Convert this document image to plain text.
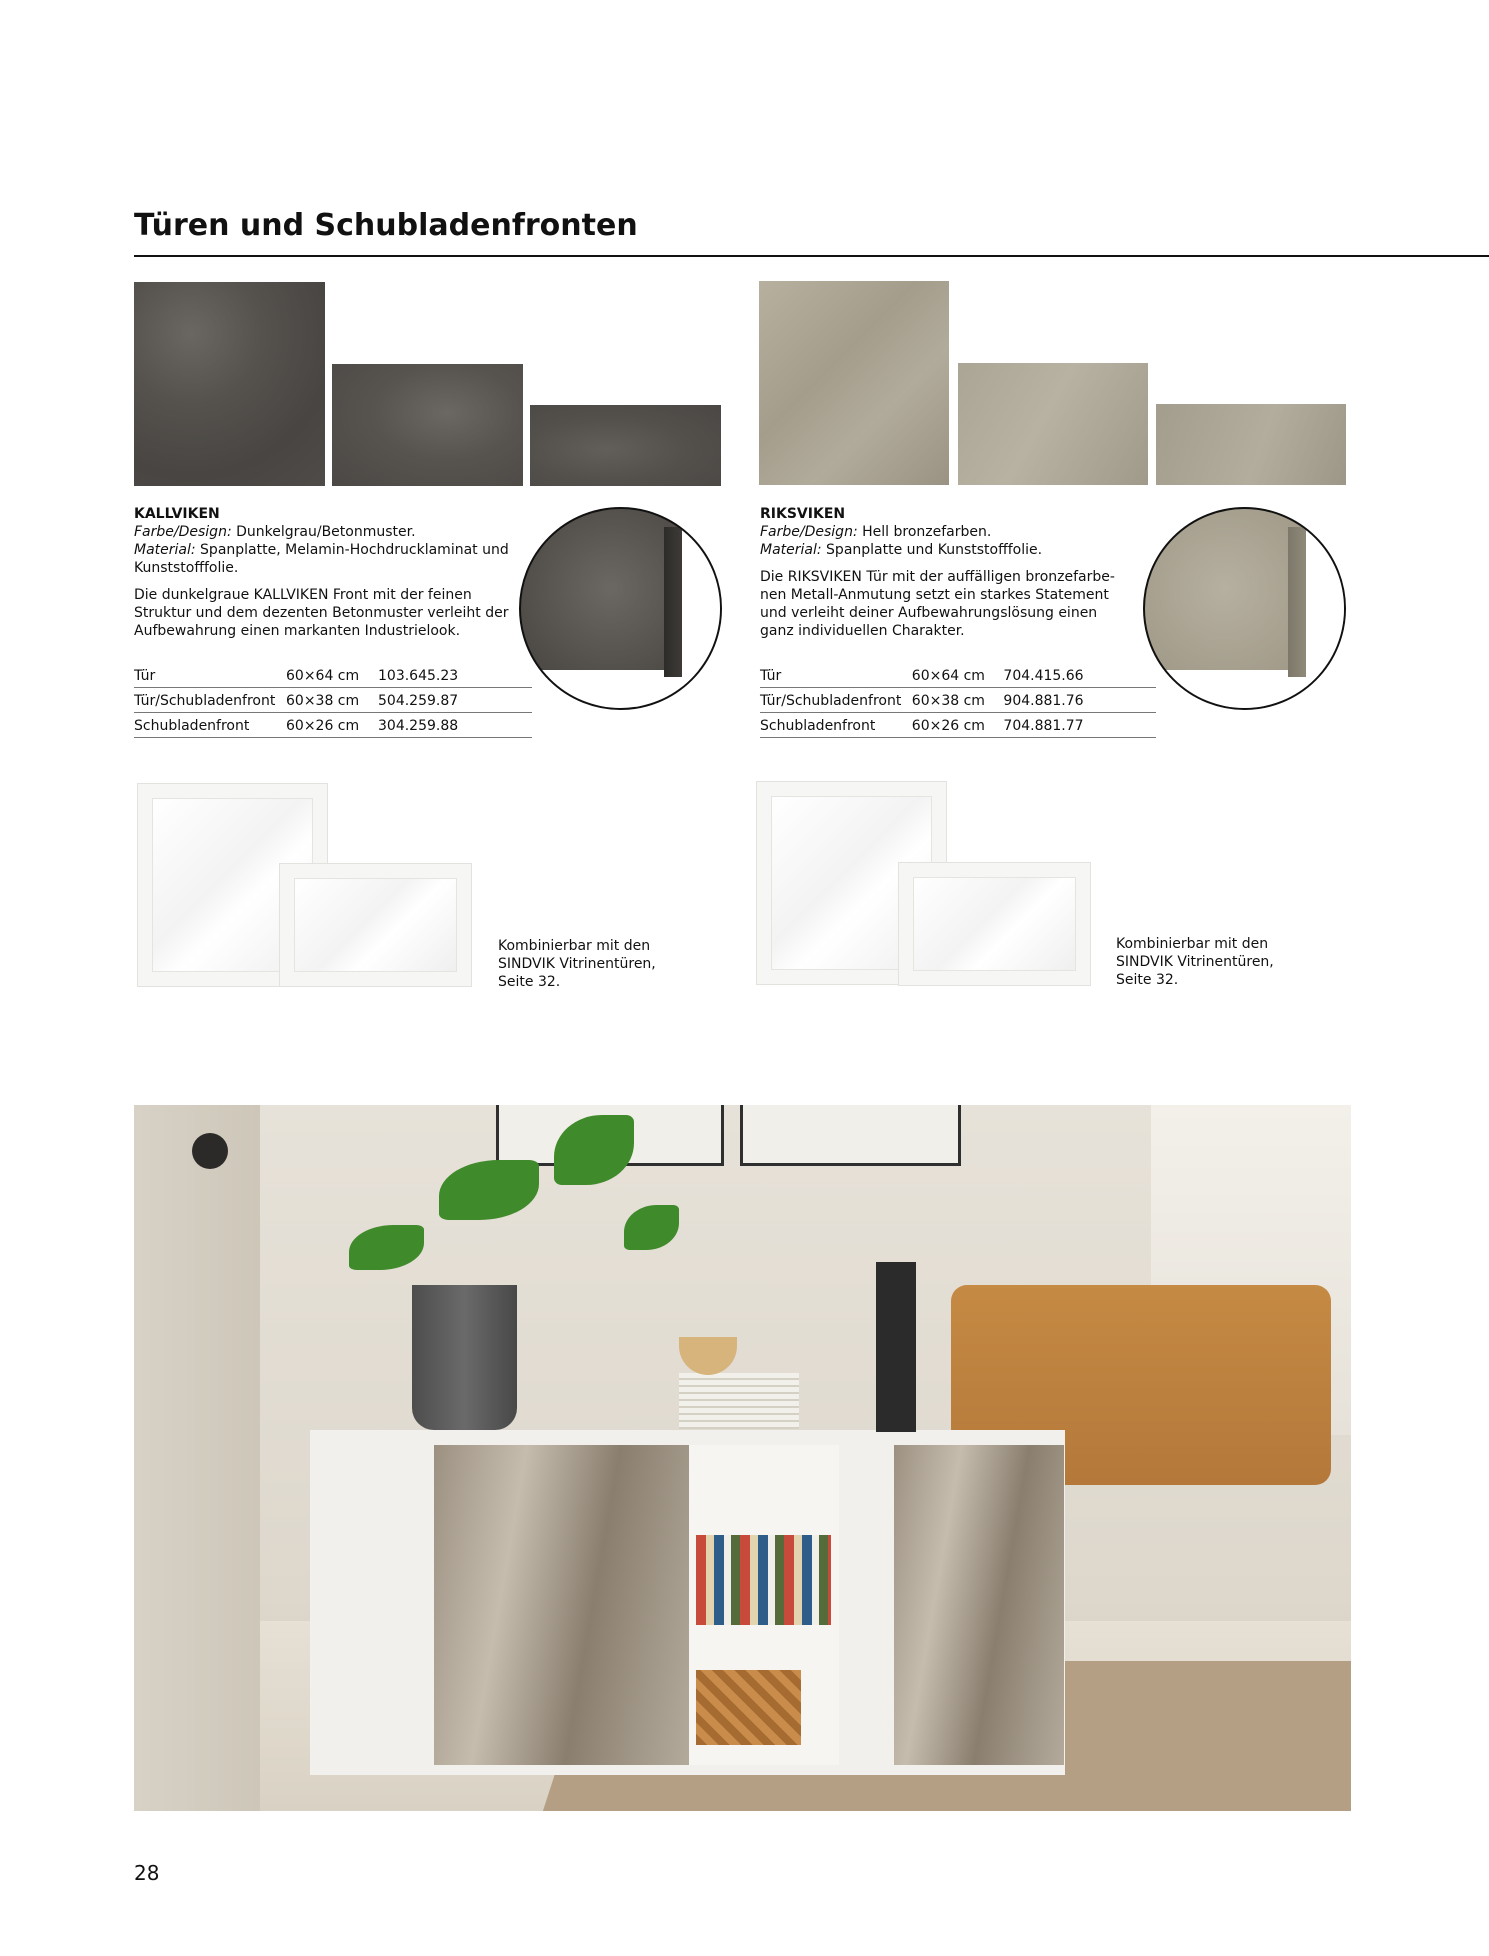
Türen und Schubladenfronten
KALLVIKEN
Farbe/Design: Dunkelgrau/Betonmuster.
Material: Spanplatte, Melamin-Hochdrucklaminat und
Kunststofffolie.
Die dunkelgraue KALLVIKEN Front mit der feinen
Struktur und dem dezenten Betonmuster verleiht der
Aufbewahrung einen markanten Industrielook.
Tür	60×64 cm	103.645.23
Tür/Schubladenfront	60×38 cm	504.259.87
Schubladenfront	60×26 cm	304.259.88
RIKSVIKEN
Farbe/Design: Hell bronzefarben.
Material: Spanplatte und Kunststofffolie.
Die RIKSVIKEN Tür mit der auffälligen bronzefarbe-
nen Metall-Anmutung setzt ein starkes Statement
und verleiht deiner Aufbewahrungslösung einen
ganz individuellen Charakter.
Tür	60×64 cm	704.415.66
Tür/Schubladenfront	60×38 cm	904.881.76
Schubladenfront	60×26 cm	704.881.77
Kombinierbar mit den
SINDVIK Vitrinentüren,
Seite 32.
Kombinierbar mit den
SINDVIK Vitrinentüren,
Seite 32.
28
